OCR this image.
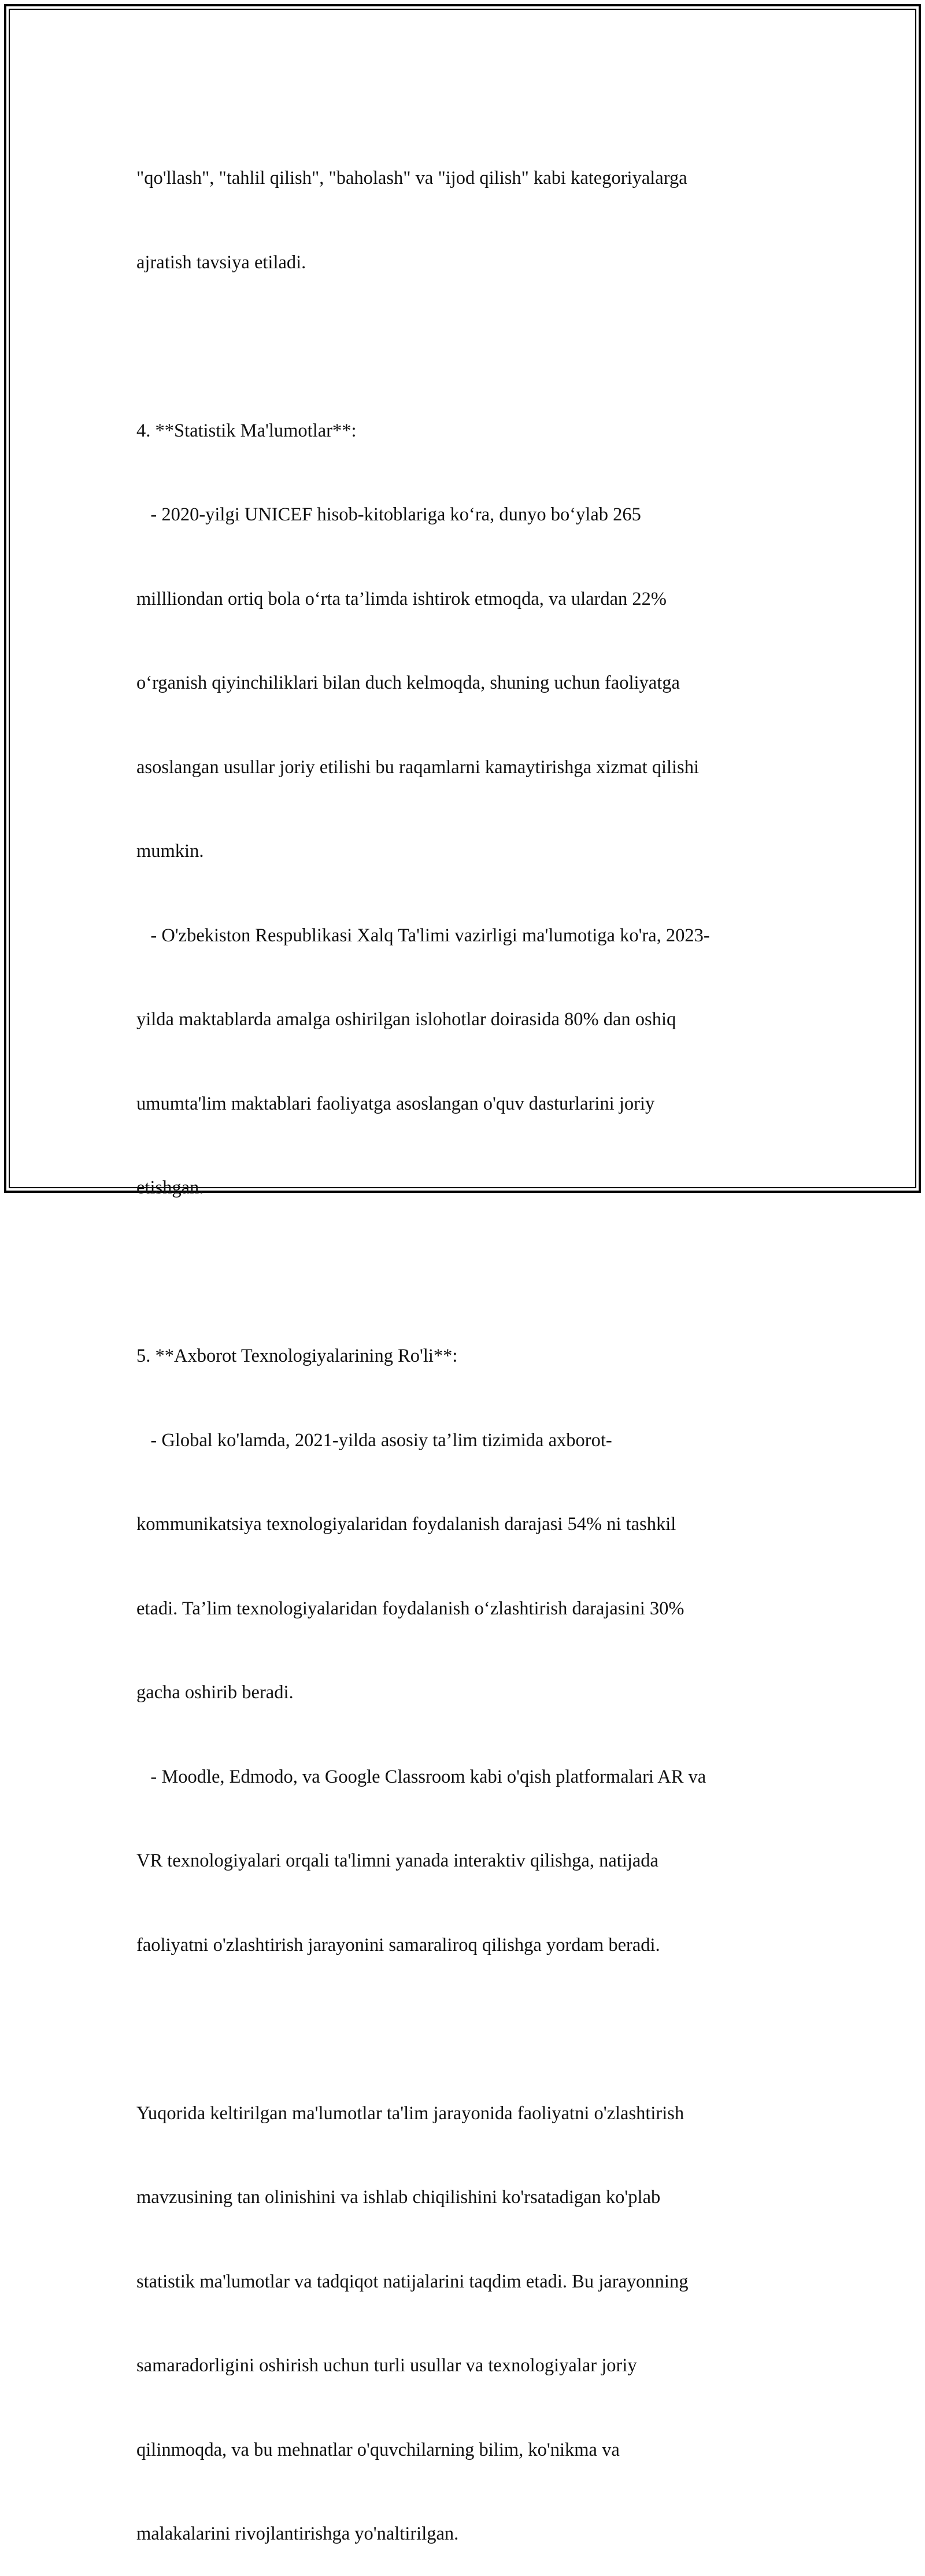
"qo'llash", "tahlil qilish", "baholash" va "ijod qilish" kabi kategoriyalarga

ajratish tavsiya etiladi.

4. **Statistik Ma'lumotlar**:

- 2020-yilgi UNICEF hisob-kitoblariga ko‘ra, dunyo bo‘ylab 265

millliondan ortiq bola o‘rta ta’limda ishtirok etmoqda, va ulardan 22%

o‘rganish qiyinchiliklari bilan duch kelmoqda, shuning uchun faoliyatga

asoslangan usullar joriy etilishi bu raqamlarni kamaytirishga xizmat qilishi

mumkin.

- O'zbekiston Respublikasi Xalq Ta'limi vazirligi ma'lumotiga ko'ra, 2023-

yilda maktablarda amalga oshirilgan islohotlar doirasida 80% dan oshiq

umumta'lim maktablari faoliyatga asoslangan o'quv dasturlarini joriy

etishgan.

5. **Axborot Texnologiyalarining Ro'li**:

- Global ko'lamda, 2021-yilda asosiy ta’lim tizimida axborot-

kommunikatsiya texnologiyalaridan foydalanish darajasi 54% ni tashkil

etadi. Ta’lim texnologiyalaridan foydalanish o‘zlashtirish darajasini 30%

gacha oshirib beradi.

- Moodle, Edmodo, va Google Classroom kabi o'qish platformalari AR va

VR texnologiyalari orqali ta'limni yanada interaktiv qilishga, natijada

faoliyatni o'zlashtirish jarayonini samaraliroq qilishga yordam beradi.

Yuqorida keltirilgan ma'lumotlar ta'lim jarayonida faoliyatni o'zlashtirish

mavzusining tan olinishini va ishlab chiqilishini ko'rsatadigan ko'plab

statistik ma'lumotlar va tadqiqot natijalarini taqdim etadi. Bu jarayonning

samaradorligini oshirish uchun turli usullar va texnologiyalar joriy

qilinmoqda, va bu mehnatlar o'quvchilarning bilim, ko'nikma va

malakalarini rivojlantirishga yo'naltirilgan.
